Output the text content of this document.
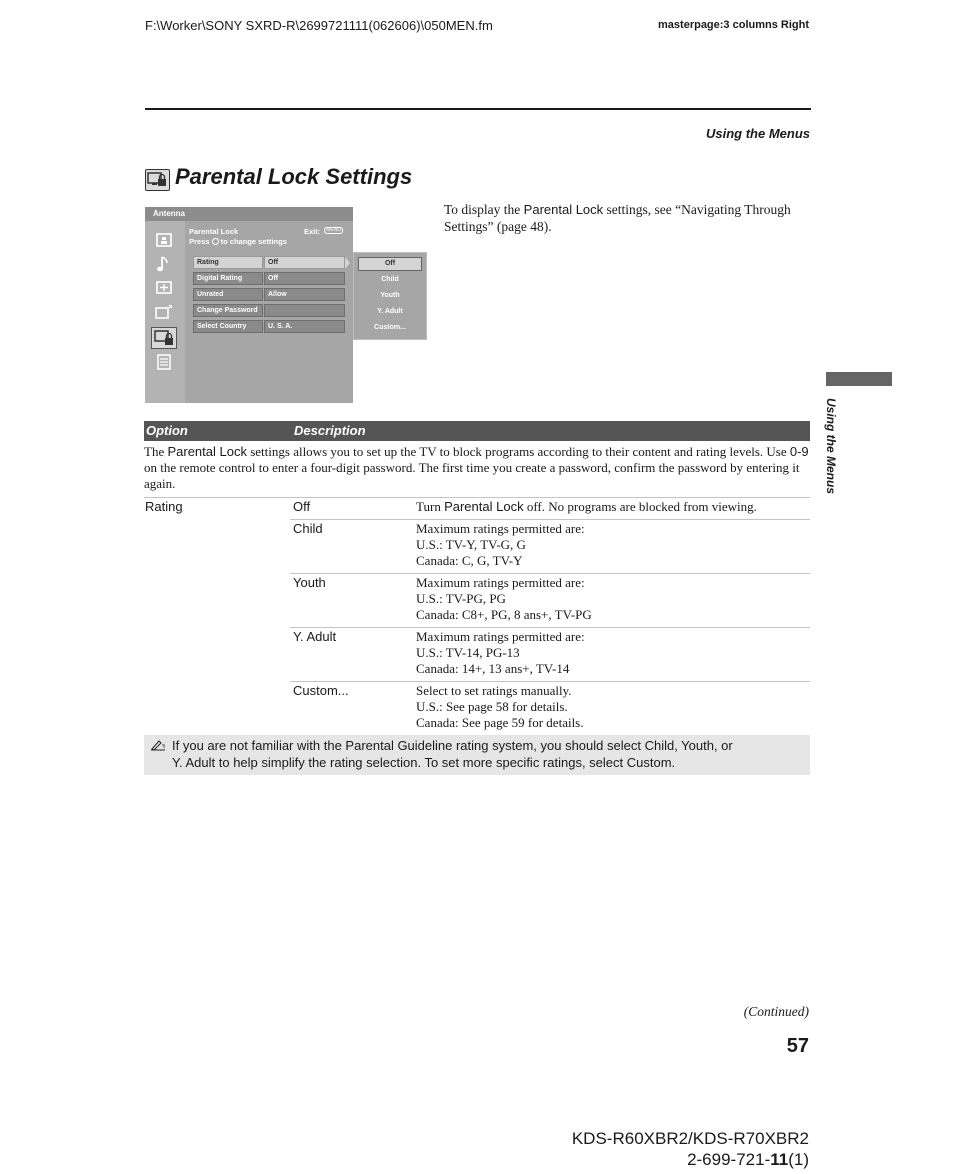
F:\Worker\SONY SXRD-R\2699721111(062606)\050MEN.fm	masterpage:3 columns Right
Using the Menus
Parental Lock Settings
Antenna
Parental Lock
Press to change settings
Exit:	MENU
Rating	Off
Digital Rating	Off
Unrated	Allow
Change Password
Select Country	U. S. A.
Off
Child
Youth
Y. Adult
Custom...
To display the Parental Lock settings, see “Navigating Through Settings” (page 48).
Option	Description
The Parental Lock settings allows you to set up the TV to block programs according to their content and rating levels. Use 0-9 on the remote control to enter a four-digit password. The first time you create a password, confirm the password by entering it again.
Rating	Off	Turn Parental Lock off. No programs are blocked from viewing.
Child	Maximum ratings permitted are:
U.S.: TV-Y, TV-G, G
Canada: C, G, TV-Y
Youth	Maximum ratings permitted are:
U.S.: TV-PG, PG
Canada: C8+, PG, 8 ans+, TV-PG
Y. Adult	Maximum ratings permitted are:
U.S.: TV-14, PG-13
Canada: 14+, 13 ans+, TV-14
Custom...	Select to set ratings manually.
U.S.: See page 58 for details.
Canada: See page 59 for details.
If you are not familiar with the Parental Guideline rating system, you should select Child, Youth, or
Y. Adult to help simplify the rating selection. To set more specific ratings, select Custom.
Using the Menus
(Continued)
57
KDS-R60XBR2/KDS-R70XBR2
2-699-721-11(1)
